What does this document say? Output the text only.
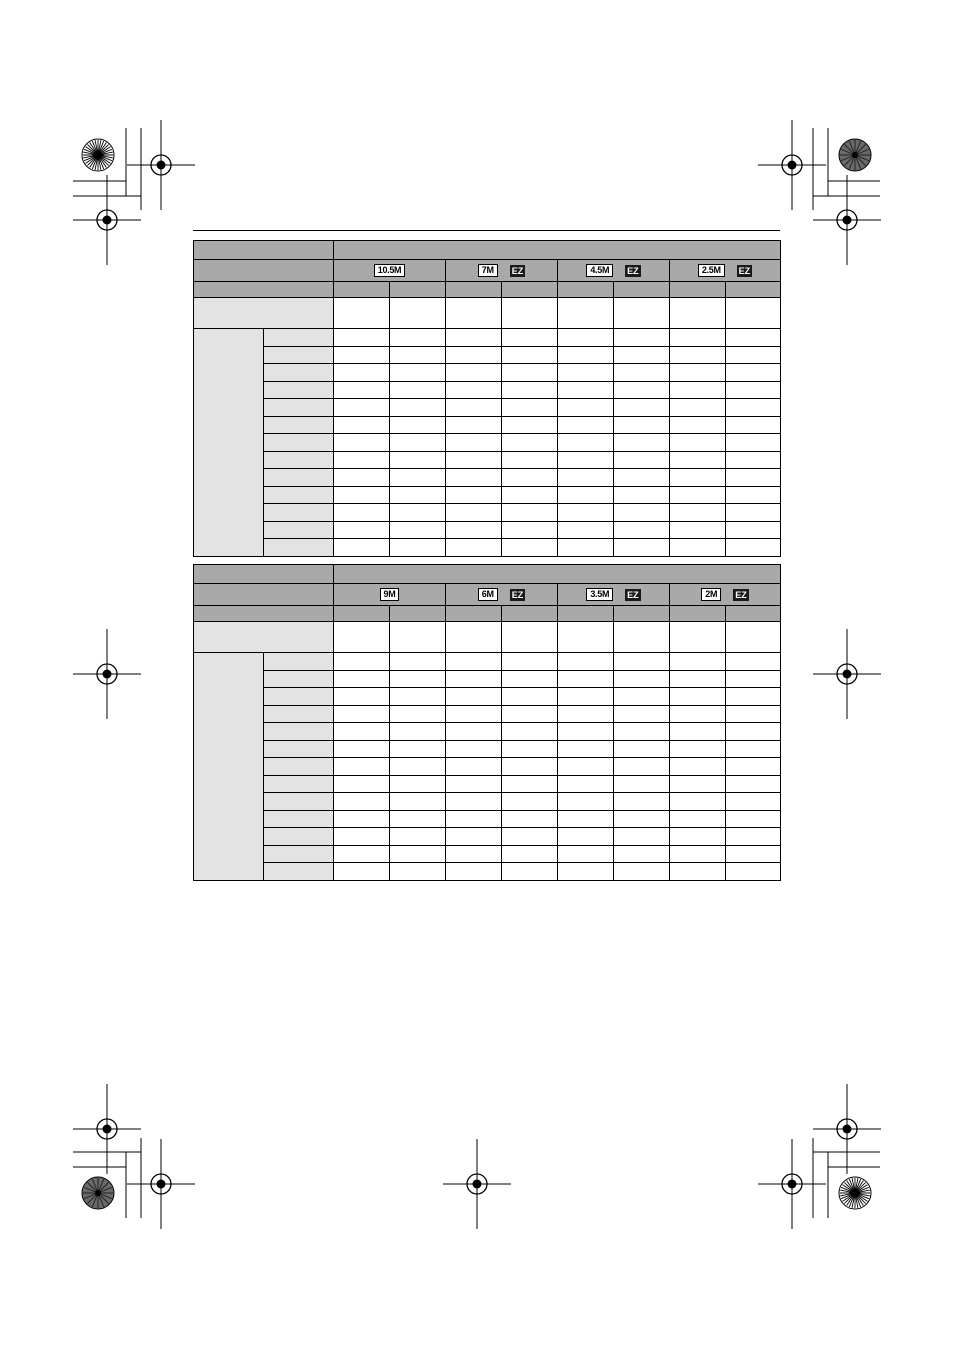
		10.5M		7M EZ		4.5M EZ		2.5M EZ	

		9M		6M EZ		3.5M EZ		2M EZ	
